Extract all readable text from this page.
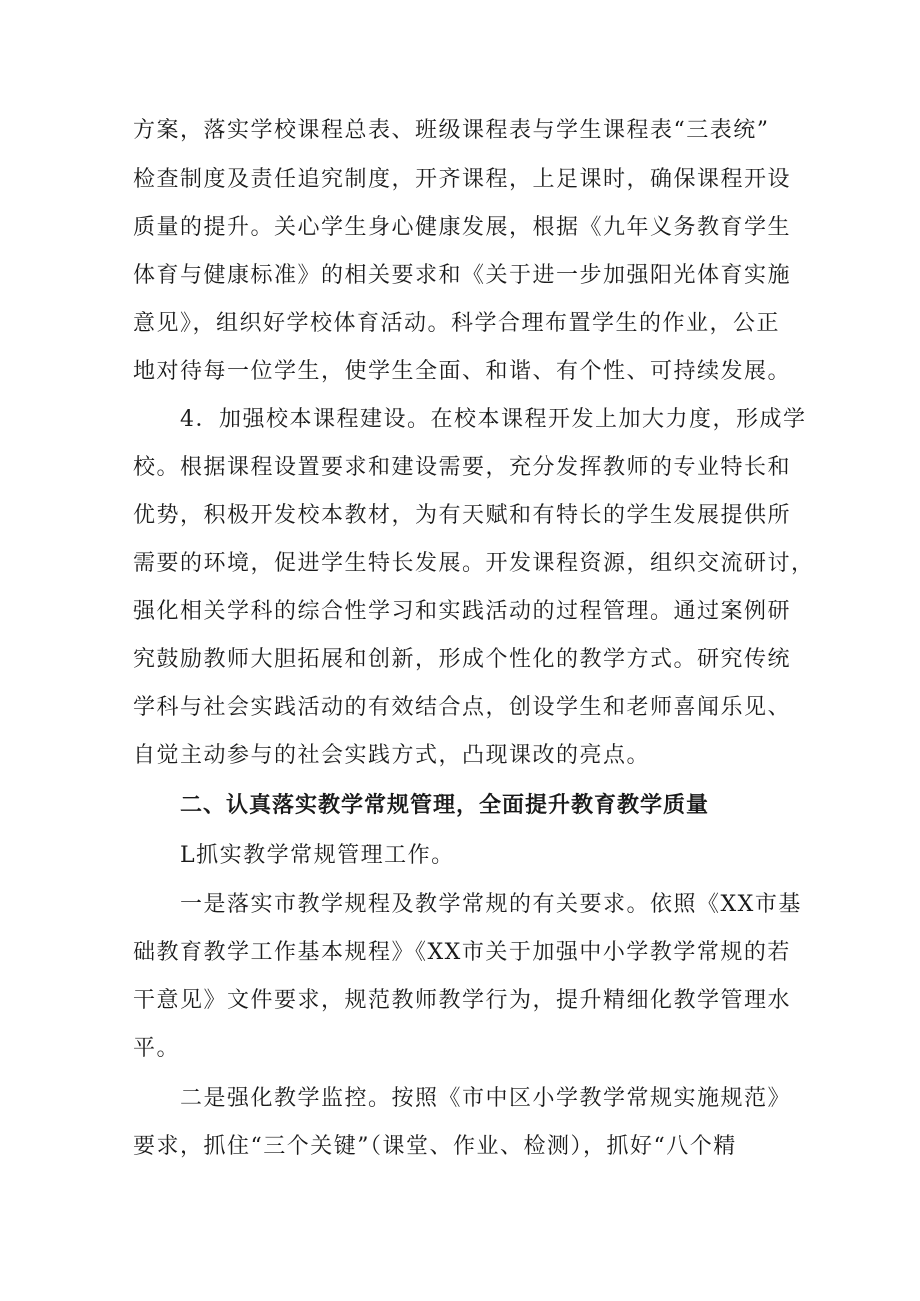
方案，落实学校课程总表、班级课程表与学生课程表“三表统”
检查制度及责任追究制度，开齐课程，上足课时，确保课程开设
质量的提升。关心学生身心健康发展，根据《九年义务教育学生
体育与健康标准》的相关要求和《关于进一步加强阳光体育实施
意见》，组织好学校体育活动。科学合理布置学生的作业，公正
地对待每一位学生，使学生全面、和谐、有个性、可持续发展。
4．加强校本课程建设。在校本课程开发上加大力度，形成学
校。根据课程设置要求和建设需要，充分发挥教师的专业特长和
优势，积极开发校本教材，为有天赋和有特长的学生发展提供所
需要的环境，促进学生特长发展。开发课程资源，组织交流研讨，
强化相关学科的综合性学习和实践活动的过程管理。通过案例研
究鼓励教师大胆拓展和创新，形成个性化的教学方式。研究传统
学科与社会实践活动的有效结合点，创设学生和老师喜闻乐见、
自觉主动参与的社会实践方式，凸现课改的亮点。
二、认真落实教学常规管理，全面提升教育教学质量
L抓实教学常规管理工作。
一是落实市教学规程及教学常规的有关要求。依照《XX市基
础教育教学工作基本规程》《XX市关于加强中小学教学常规的若
干意见》文件要求，规范教师教学行为，提升精细化教学管理水
平。
二是强化教学监控。按照《市中区小学教学常规实施规范》
要求，抓住“三个关键”（课堂、作业、检测），抓好“八个精
